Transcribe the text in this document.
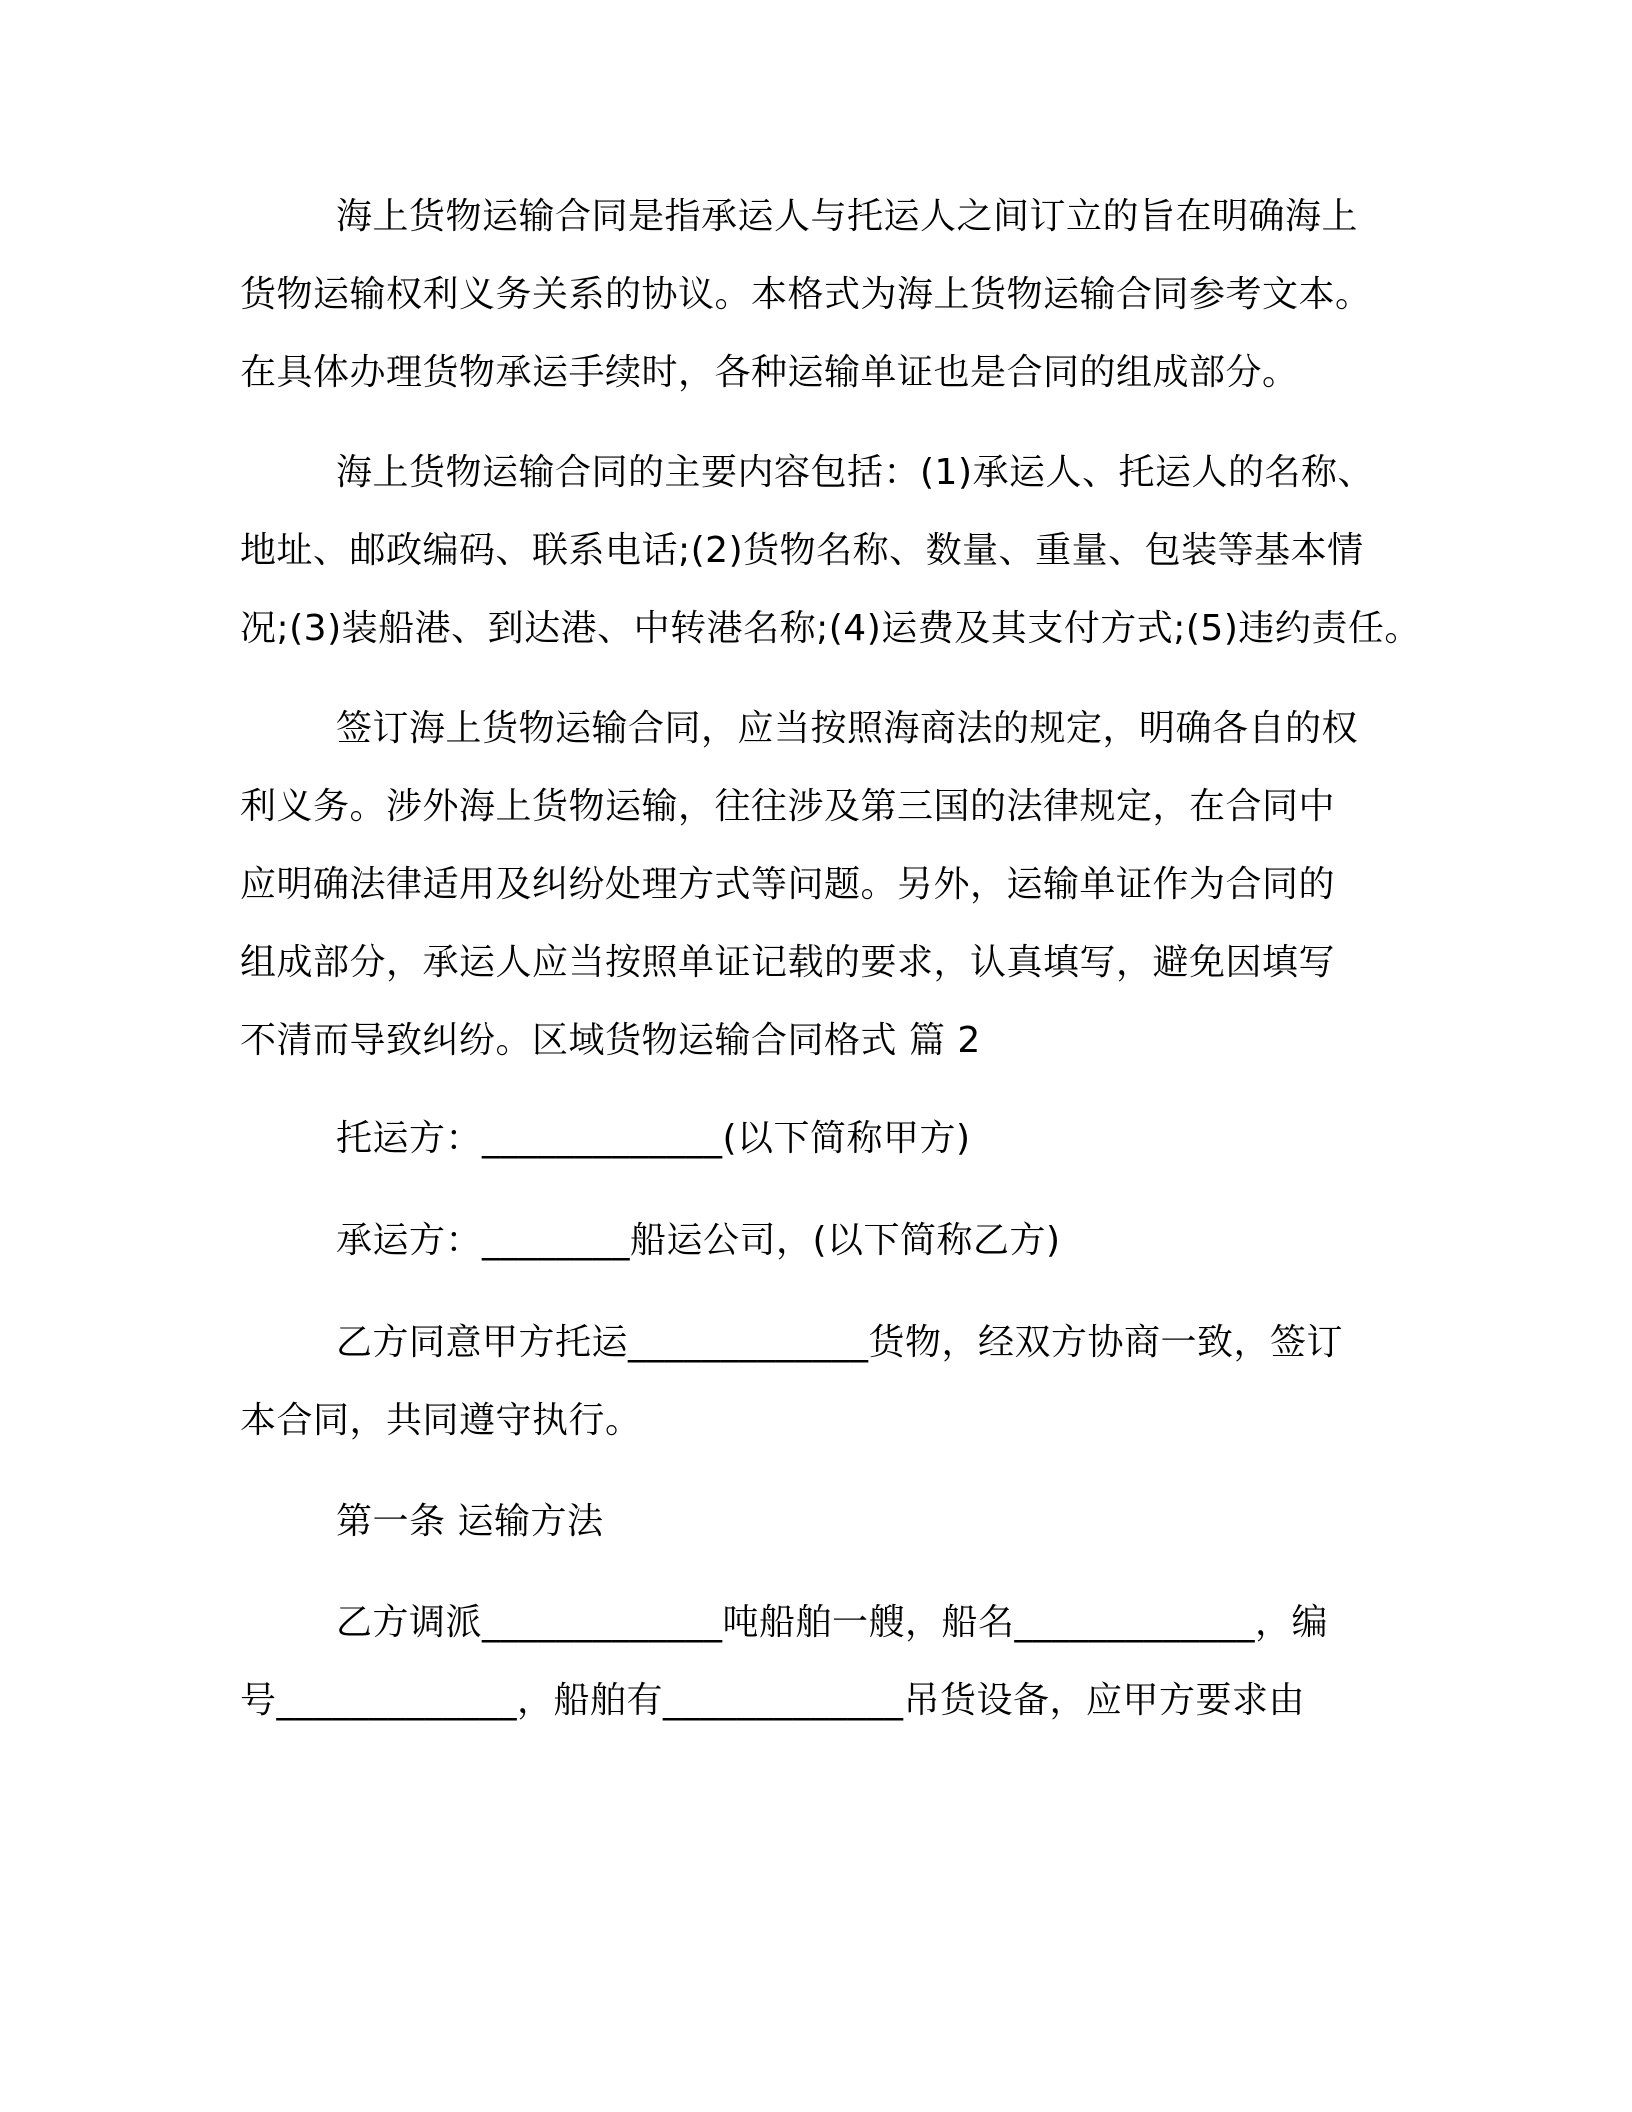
海上货物运输合同是指承运人与托运人之间订立的旨在明确海上
货物运输权利义务关系的协议。本格式为海上货物运输合同参考文本。
在具体办理货物承运手续时，各种运输单证也是合同的组成部分。
海上货物运输合同的主要内容包括：(1)承运人、托运人的名称、
地址、邮政编码、联系电话;(2)货物名称、数量、重量、包装等基本情
况;(3)装船港、到达港、中转港名称;(4)运费及其支付方式;(5)违约责任。
签订海上货物运输合同，应当按照海商法的规定，明确各自的权
利义务。涉外海上货物运输，往往涉及第三国的法律规定，在合同中
应明确法律适用及纠纷处理方式等问题。另外，运输单证作为合同的
组成部分，承运人应当按照单证记载的要求，认真填写，避免因填写
不清而导致纠纷。区域货物运输合同格式 篇 2
托运方：_____________(以下简称甲方)
承运方：________船运公司，(以下简称乙方)
乙方同意甲方托运_____________货物，经双方协商一致，签订
本合同，共同遵守执行。
第一条 运输方法
乙方调派_____________吨船舶一艘，船名_____________，编
号_____________，船舶有_____________吊货设备，应甲方要求由
